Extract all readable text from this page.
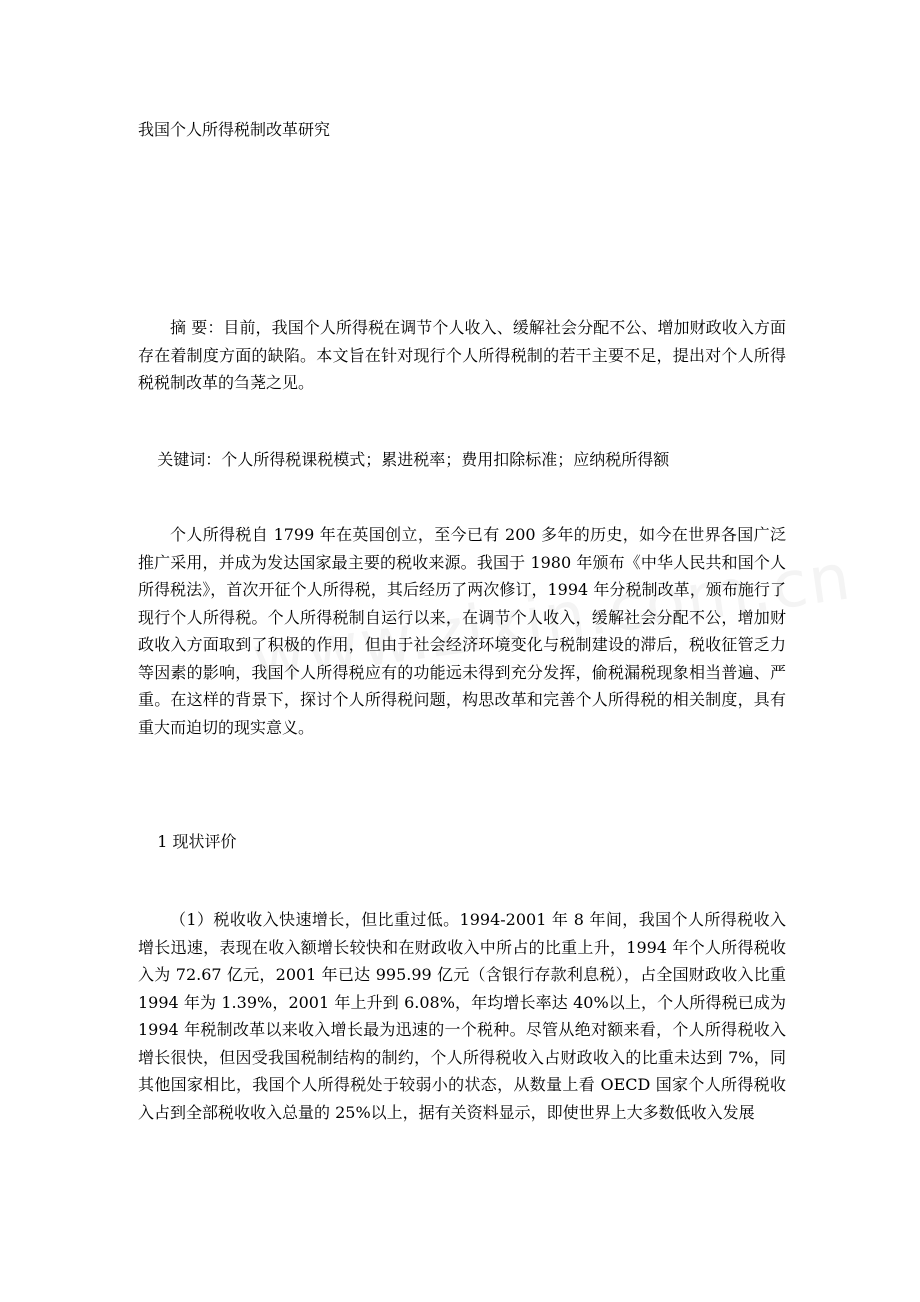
我国个人所得税制改革研究

摘 要：目前，我国个人所得税在调节个人收入、缓解社会分配不公、增加财政收入方面存在着制度方面的缺陷。本文旨在针对现行个人所得税制的若干主要不足，提出对个人所得税税制改革的刍荛之见。

关键词：个人所得税课税模式；累进税率；费用扣除标准；应纳税所得额

个人所得税自 1799 年在英国创立，至今已有 200 多年的历史，如今在世界各国广泛推广采用，并成为发达国家最主要的税收来源。我国于 1980 年颁布《中华人民共和国个人所得税法》，首次开征个人所得税，其后经历了两次修订，1994 年分税制改革，颁布施行了现行个人所得税。个人所得税制自运行以来，在调节个人收入，缓解社会分配不公，增加财政收入方面取到了积极的作用，但由于社会经济环境变化与税制建设的滞后，税收征管乏力等因素的影响，我国个人所得税应有的功能远未得到充分发挥，偷税漏税现象相当普遍、严重。在这样的背景下，探讨个人所得税问题，构思改革和完善个人所得税的相关制度，具有重大而迫切的现实意义。

1 现状评价

（1）税收收入快速增长，但比重过低。1994-2001 年 8 年间，我国个人所得税收入增长迅速，表现在收入额增长较快和在财政收入中所占的比重上升，1994 年个人所得税收入为 72.67 亿元，2001 年已达 995.99 亿元（含银行存款利息税），占全国财政收入比重 1994 年为 1.39%，2001 年上升到 6.08%，年均增长率达 40%以上，个人所得税已成为 1994 年税制改革以来收入增长最为迅速的一个税种。尽管从绝对额来看，个人所得税收入增长很快，但因受我国税制结构的制约，个人所得税收入占财政收入的比重未达到 7%，同其他国家相比，我国个人所得税处于较弱小的状态，从数量上看 OECD 国家个人所得税收入占到全部税收收入总量的 25%以上，据有关资料显示，即使世界上大多数低收入发展
